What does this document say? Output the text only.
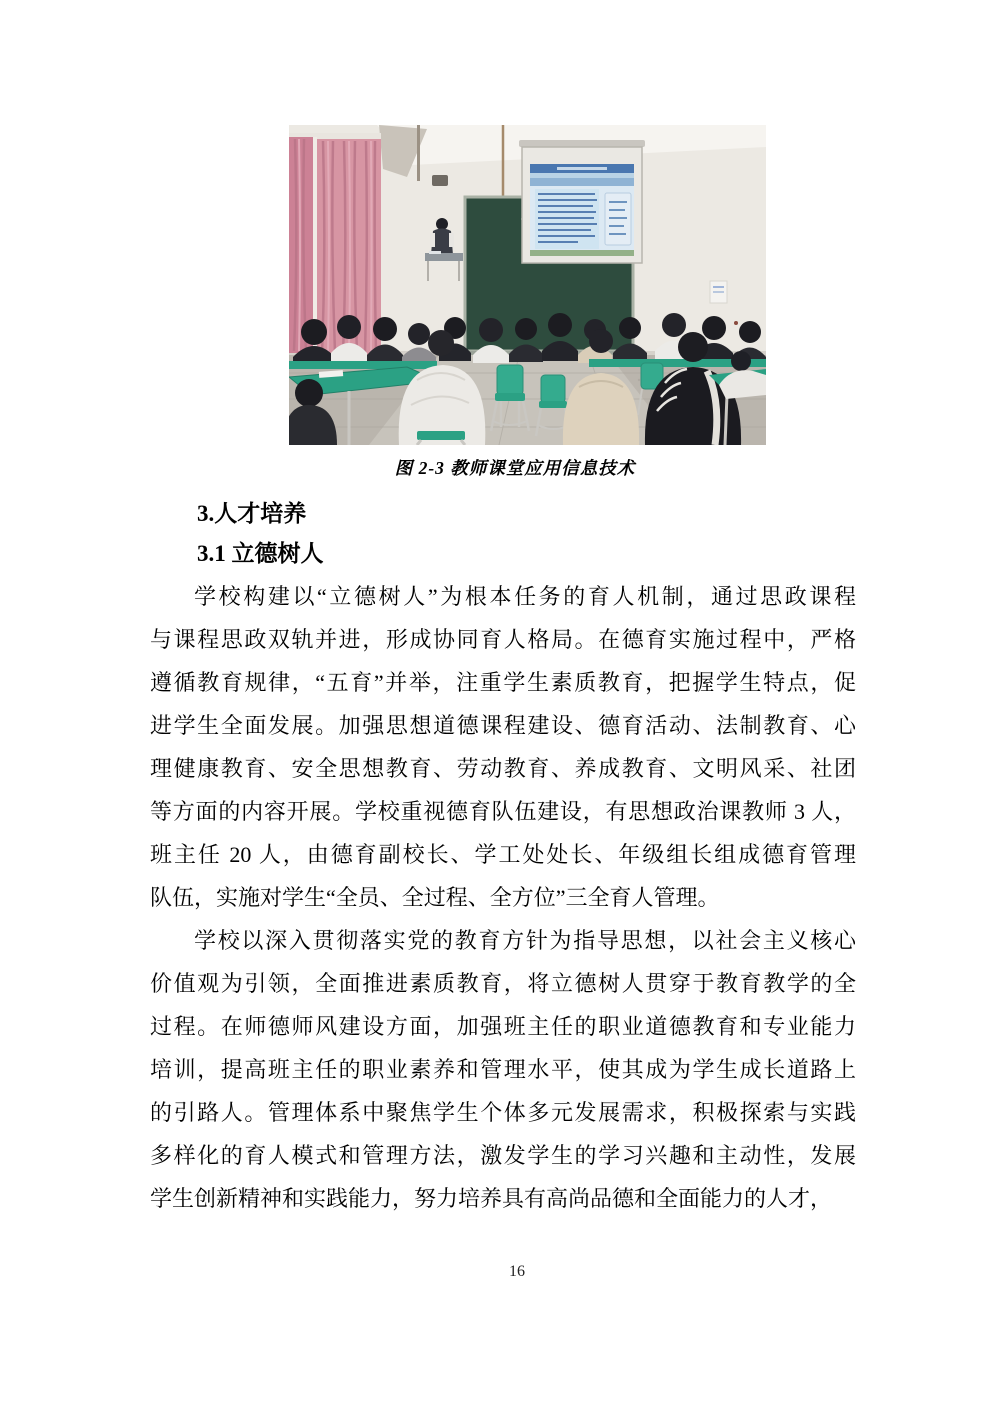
图 2-3 教师课堂应用信息技术
3.人才培养
3.1 立德树人
学校构建以“立德树人”为根本任务的育人机制，通过思政课程
与课程思政双轨并进，形成协同育人格局。在德育实施过程中，严格
遵循教育规律，“五育”并举，注重学生素质教育，把握学生特点，促
进学生全面发展。加强思想道德课程建设、德育活动、法制教育、心
理健康教育、安全思想教育、劳动教育、养成教育、文明风采、社团
等方面的内容开展。学校重视德育队伍建设，有思想政治课教师 3 人，
班主任 20 人，由德育副校长、学工处处长、年级组长组成德育管理
队伍，实施对学生“全员、全过程、全方位”三全育人管理。
学校以深入贯彻落实党的教育方针为指导思想，以社会主义核心
价值观为引领，全面推进素质教育，将立德树人贯穿于教育教学的全
过程。在师德师风建设方面，加强班主任的职业道德教育和专业能力
培训，提高班主任的职业素养和管理水平，使其成为学生成长道路上
的引路人。管理体系中聚焦学生个体多元发展需求，积极探索与实践
多样化的育人模式和管理方法，激发学生的学习兴趣和主动性，发展
学生创新精神和实践能力，努力培养具有高尚品德和全面能力的人才，
16
